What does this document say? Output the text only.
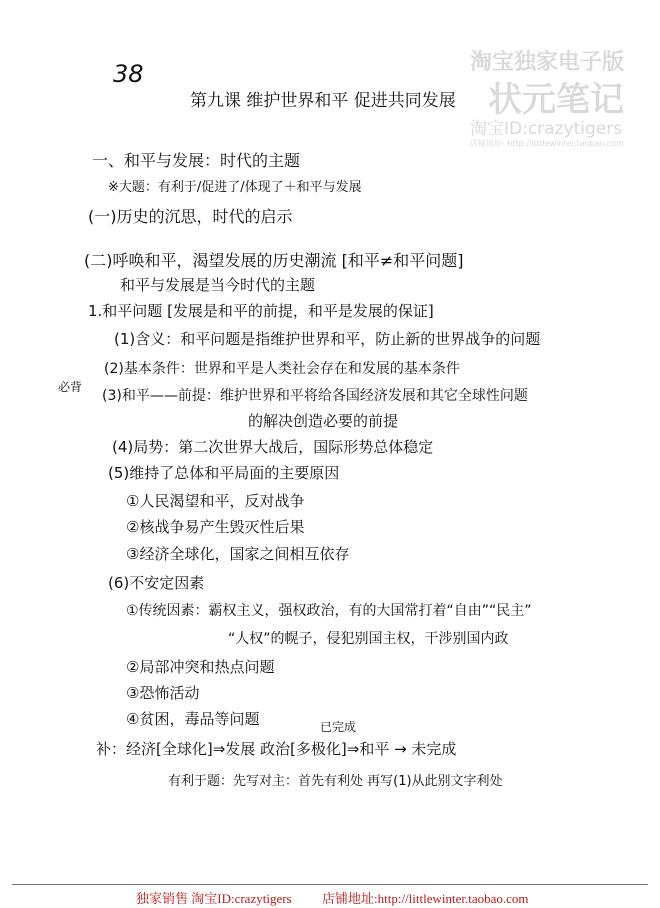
淘宝独家电子版
状元笔记
淘宝ID:crazytigers
店铺地址: http://littlewinter.taobao.com
38
第九课 维护世界和平 促进共同发展
一、和平与发展：时代的主题
※大题：有利于/促进了/体现了＋和平与发展
(一)历史的沉思，时代的启示
(二)呼唤和平，渴望发展的历史潮流 [和平≠和平问题]
和平与发展是当今时代的主题
1.和平问题 [发展是和平的前提，和平是发展的保证]
(1)含义：和平问题是指维护世界和平，防止新的世界战争的问题
(2)基本条件：世界和平是人类社会存在和发展的基本条件
必背
(3)和平——前提：维护世界和平将给各国经济发展和其它全球性问题
的解决创造必要的前提
(4)局势：第二次世界大战后，国际形势总体稳定
(5)维持了总体和平局面的主要原因
①人民渴望和平，反对战争
②核战争易产生毁灭性后果
③经济全球化，国家之间相互依存
(6)不安定因素
①传统因素：霸权主义，强权政治，有的大国常打着“自由”“民主”
“人权”的幌子，侵犯别国主权，干涉别国内政
②局部冲突和热点问题
③恐怖活动
④贫困，毒品等问题	已完成
补：经济[全球化]⇒发展 政治[多极化]⇒和平 → 未完成
有利于题：先写对主：首先有利处 再写(1)从此别文字利处
独家销售 淘宝ID:crazytigers 店铺地址:http://littlewinter.taobao.com
